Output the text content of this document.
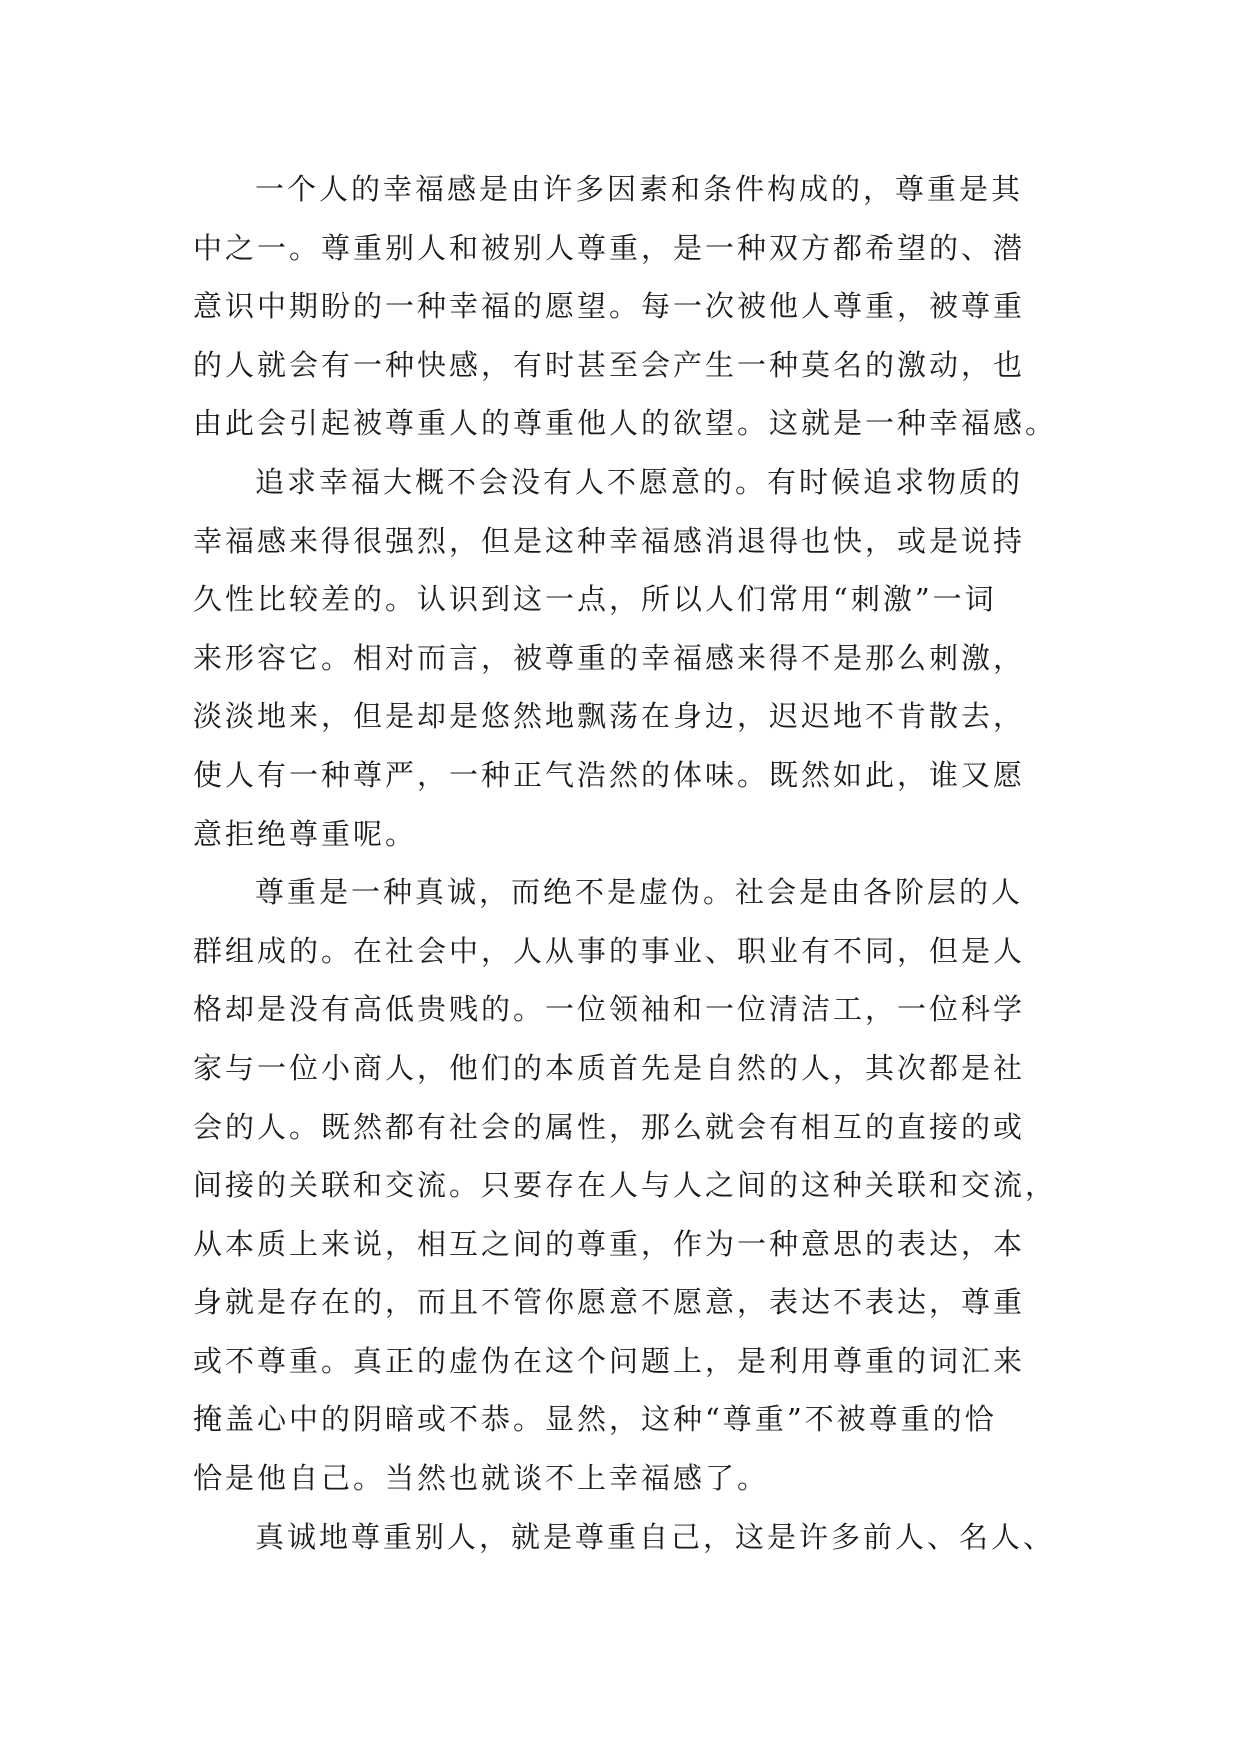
一个人的幸福感是由许多因素和条件构成的，尊重是其
中之一。尊重别人和被别人尊重，是一种双方都希望的、潜
意识中期盼的一种幸福的愿望。每一次被他人尊重，被尊重
的人就会有一种快感，有时甚至会产生一种莫名的激动，也
由此会引起被尊重人的尊重他人的欲望。这就是一种幸福感。
追求幸福大概不会没有人不愿意的。有时候追求物质的
幸福感来得很强烈，但是这种幸福感消退得也快，或是说持
久性比较差的。认识到这一点，所以人们常用“刺激”一词
来形容它。相对而言，被尊重的幸福感来得不是那么刺激，
淡淡地来，但是却是悠然地飘荡在身边，迟迟地不肯散去，
使人有一种尊严，一种正气浩然的体味。既然如此，谁又愿
意拒绝尊重呢。
尊重是一种真诚，而绝不是虚伪。社会是由各阶层的人
群组成的。在社会中，人从事的事业、职业有不同，但是人
格却是没有高低贵贱的。一位领袖和一位清洁工，一位科学
家与一位小商人，他们的本质首先是自然的人，其次都是社
会的人。既然都有社会的属性，那么就会有相互的直接的或
间接的关联和交流。只要存在人与人之间的这种关联和交流，
从本质上来说，相互之间的尊重，作为一种意思的表达，本
身就是存在的，而且不管你愿意不愿意，表达不表达，尊重
或不尊重。真正的虚伪在这个问题上，是利用尊重的词汇来
掩盖心中的阴暗或不恭。显然，这种“尊重”不被尊重的恰
恰是他自己。当然也就谈不上幸福感了。
真诚地尊重别人，就是尊重自己，这是许多前人、名人、
